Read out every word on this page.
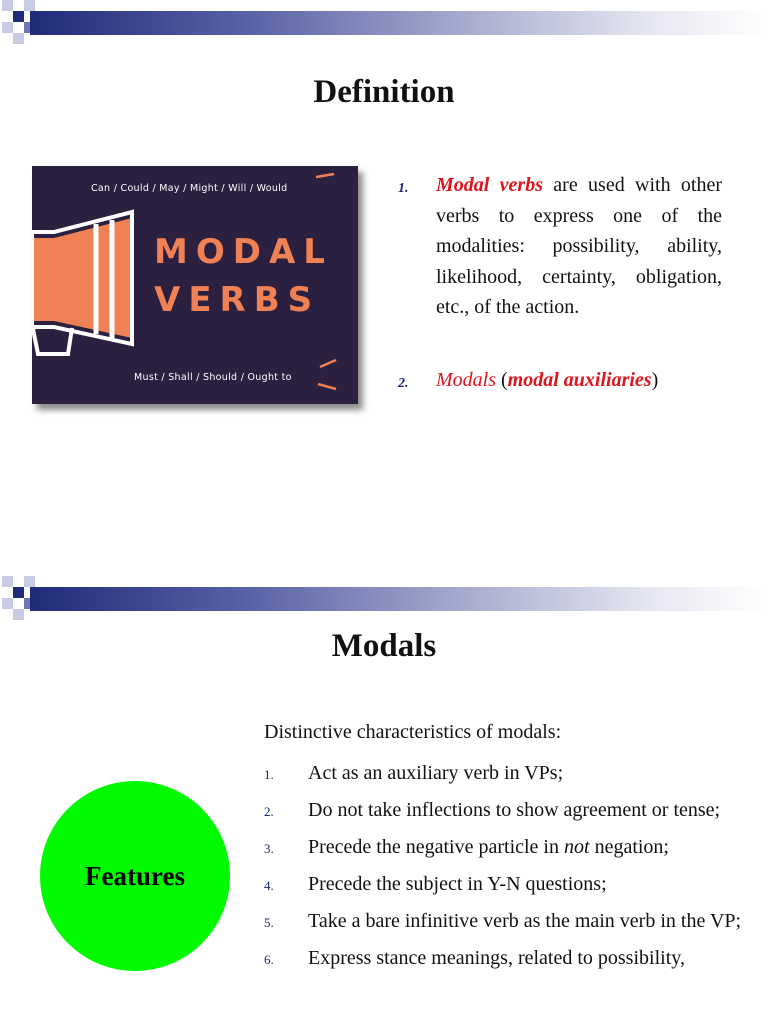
Definition
Can / Could / May / Might / Will / Would
MODAL
VERBS
Must / Shall / Should / Ought to
1. Modal verbs are used with other verbs to express one of the modalities: possibility, ability, likelihood, certainty, obligation, etc., of the action.
2. Modals (modal auxiliaries)
Modals
Features
Distinctive characteristics of modals:
1. Act as an auxiliary verb in VPs;
2. Do not take inflections to show agreement or tense;
3. Precede the negative particle in not negation;
4. Precede the subject in Y-N questions;
5. Take a bare infinitive verb as the main verb in the VP;
6. Express stance meanings, related to possibility,
